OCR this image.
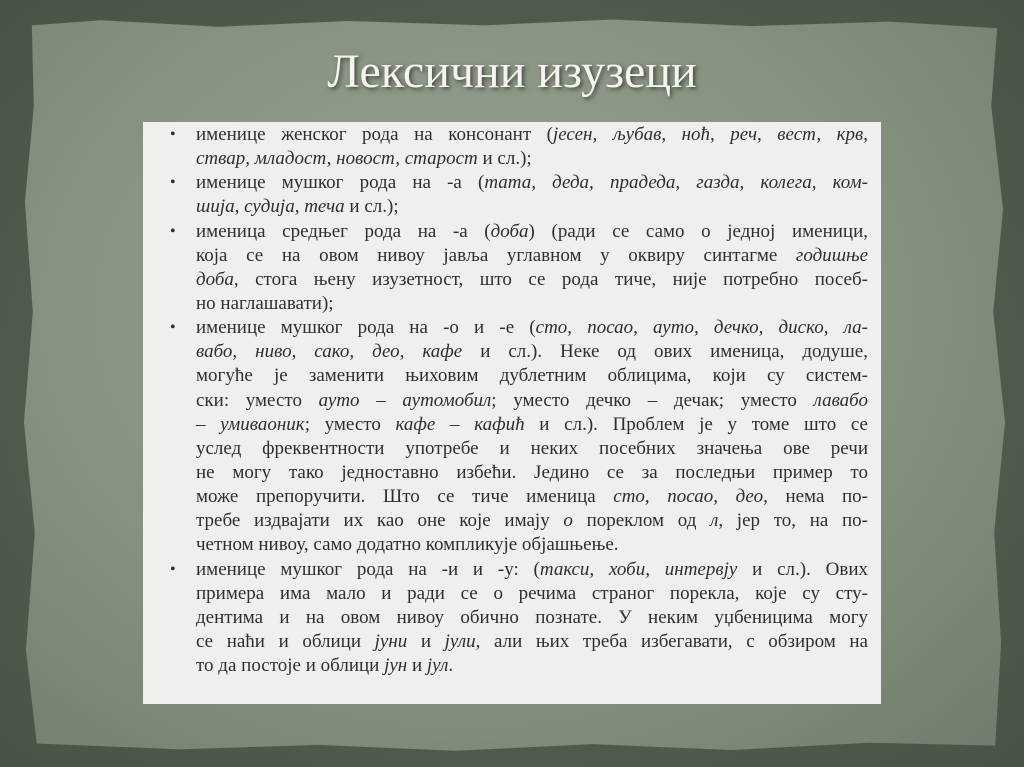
Лексични изузеци
• именице женског рода на консонант (јесен, љубав, ноћ, реч, вест, крв,
ствар, младост, новост, старост и сл.);
• именице мушког рода на -а (тата, деда, прадеда, газда, колега, ком-
шија, судија, теча и сл.);
• именица средњег рода на -а (доба) (ради се само о једној именици,
која се на овом нивоу јавља углавном у оквиру синтагме годишње
доба, стога њену изузетност, што се рода тиче, није потребно посеб-
но наглашавати);
• именице мушког рода на -о и -е (сто, посао, ауто, дечко, диско, ла-
вабо, ниво, сако, део, кафе и сл.). Неке од ових именица, додуше,
могуће је заменити њиховим дублетним облицима, који су систем-
ски: уместо ауто – аутомобил; уместо дечко – дечак; уместо лавабо
– умиваоник; уместо кафе – кафић и сл.). Проблем је у томе што се
услед фреквентности употребе и неких посебних значења ове речи
не могу тако једноставно избећи. Једино се за последњи пример то
може препоручити. Што се тиче именица сто, посао, део, нема по-
требе издвајати их као оне које имају о пореклом од л, јер то, на по-
четном нивоу, само додатно компликује објашњење.
• именице мушког рода на -и и -у: (такси, хоби, интервју и сл.). Ових
примера има мало и ради се о речима страног порекла, које су сту-
дентима и на овом нивоу обично познате. У неким уџбеницима могу
се наћи и облици јуни и јули, али њих треба избегавати, с обзиром на
то да постоје и облици јун и јул.
